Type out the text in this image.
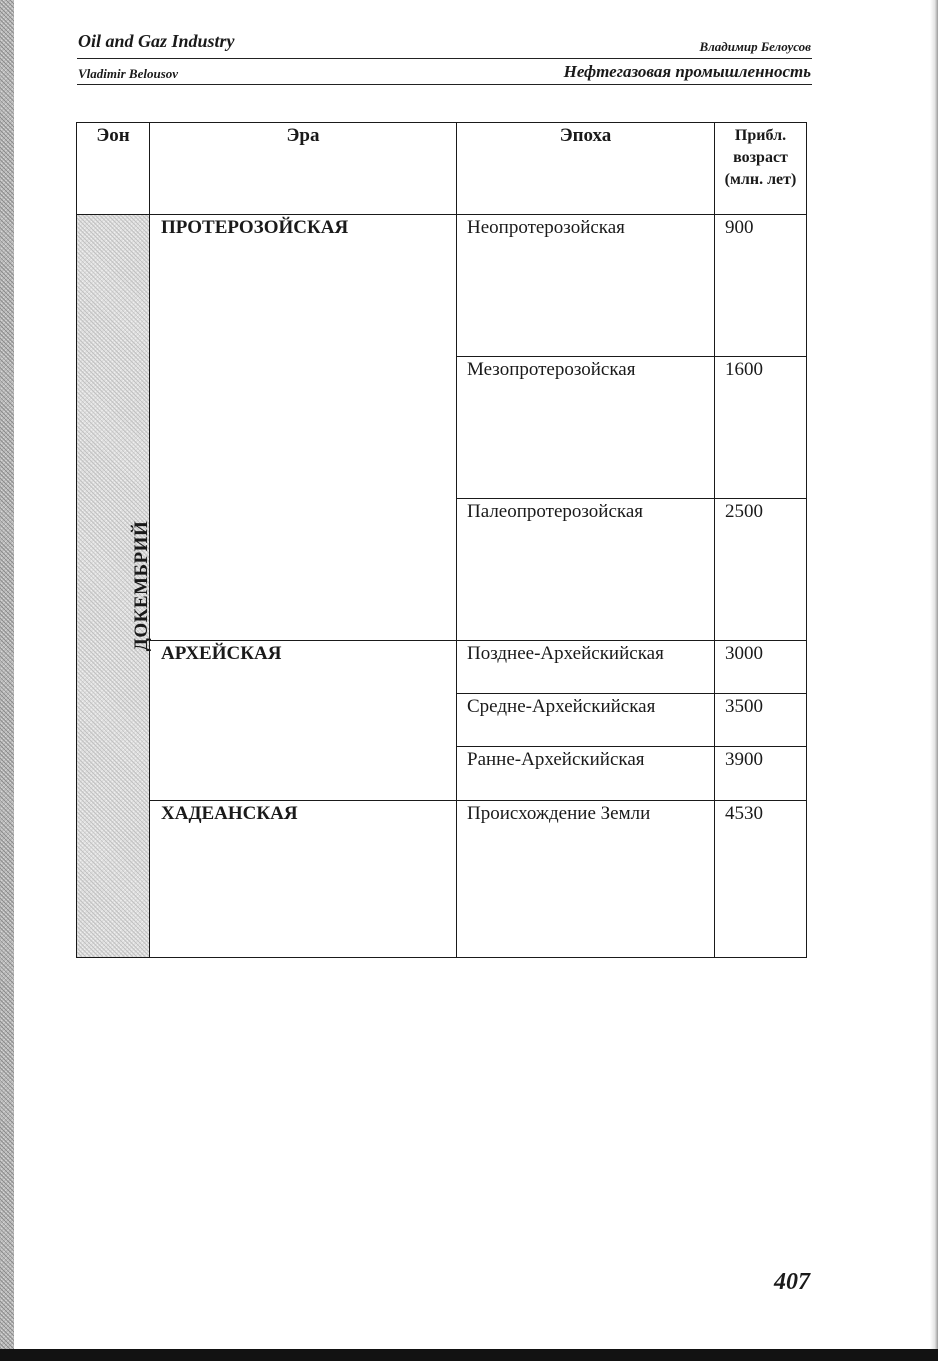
Oil and Gaz Industry	Владимир Белоусов
Vladimir Belousov	Нефтегазовая промышленность
Эон	Эра	Эпоха	Прибл. возраст (млн. лет)
ДОКЕМБРИЙ	ПРОТЕРОЗОЙСКАЯ	Неопротерозойская	900
		Мезопротерозойская	1600
		Палеопротерозойская	2500
	АРХЕЙСКАЯ	Позднее-Архейскийская	3000
		Средне-Архейскийская	3500
		Ранне-Архейскийская	3900
	ХАДЕАНСКАЯ	Происхождение Земли	4530
407
